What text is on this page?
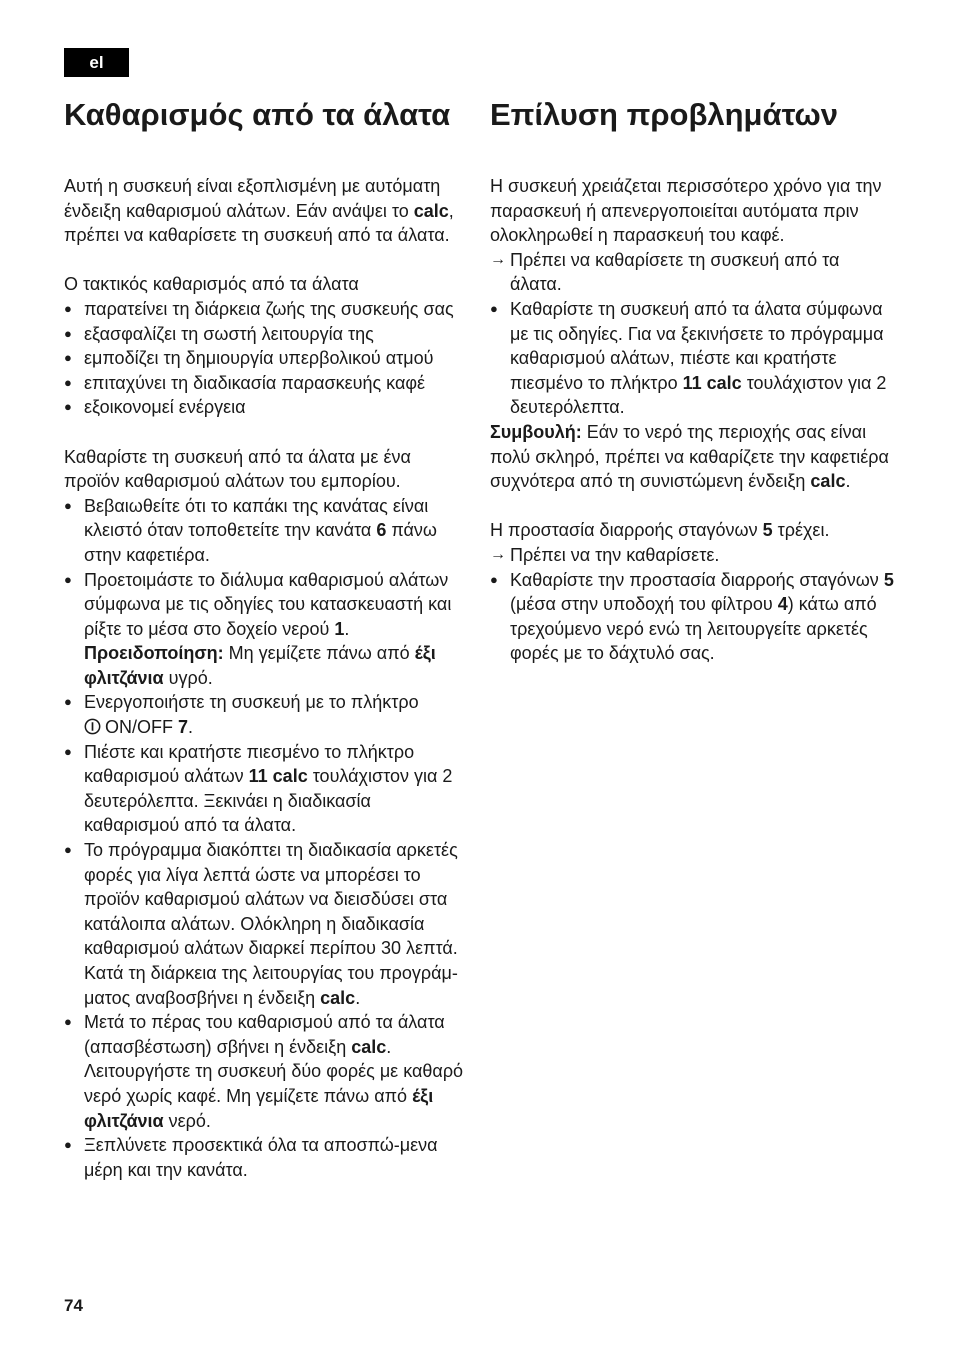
el
Καθαρισμός από τα άλατα

Αυτή η συσκευή είναι εξοπλισμένη με αυτόματη ένδειξη καθαρισμού αλάτων. Εάν ανάψει το calc, πρέπει να καθαρίσετε τη συσκευή από τα άλατα.

Ο τακτικός καθαρισμός από τα άλατα

● παρατείνει τη διάρκεια ζωής της συσκευής σας
● εξασφαλίζει τη σωστή λειτουργία της
● εμποδίζει τη δημιουργία υπερβολικού ατμού
● επιταχύνει τη διαδικασία παρασκευής καφέ
● εξοικονομεί ενέργεια

Καθαρίστε τη συσκευή από τα άλατα με ένα προϊόν καθαρισμού αλάτων του εμπορίου.

● Βεβαιωθείτε ότι το καπάκι της κανάτας είναι κλειστό όταν τοποθετείτε την κανάτα 6 πάνω στην καφετιέρα.
● Προετοιμάστε το διάλυμα καθαρισμού αλάτων σύμφωνα με τις οδηγίες του κατασκευαστή και ρίξτε το μέσα στο δοχείο νερού 1.
Προειδοποίηση: Μη γεμίζετε πάνω από έξι φλιτζάνια υγρό.
● Ενεργοποιήστε τη συσκευή με το πλήκτρο
ON/OFF 7.
● Πιέστε και κρατήστε πιεσμένο το πλήκτρο καθαρισμού αλάτων 11 calc τουλάχιστον για 2 δευτερόλεπτα. Ξεκινάει η διαδικασία καθαρισμού από τα άλατα.
● Το πρόγραμμα διακόπτει τη διαδικασία αρκετές φορές για λίγα λεπτά ώστε να μπορέσει το προϊόν καθαρισμού αλάτων να διεισδύσει στα κατάλοιπα αλάτων. Ολόκληρη η διαδικασία καθαρισμού αλάτων διαρκεί περίπου 30 λεπτά. Κατά τη διάρκεια της λειτουργίας του προγράμ-ματος αναβοσβήνει η ένδειξη calc.
● Μετά το πέρας του καθαρισμού από τα άλατα (απασβέστωση) σβήνει η ένδειξη calc. Λειτουργήστε τη συσκευή δύο φορές με καθαρό νερό χωρίς καφέ. Μη γεμίζετε πάνω από έξι φλιτζάνια νερό.
● Ξεπλύνετε προσεκτικά όλα τα αποσπώ-μενα μέρη και την κανάτα.
Επίλυση προβλημάτων

Η συσκευή χρειάζεται περισσότερο χρόνο για την παρασκευή ή απενεργοποιείται αυτόματα πριν ολοκληρωθεί η παρασκευή του καφέ.

→ Πρέπει να καθαρίσετε τη συσκευή από τα άλατα.
● Καθαρίστε τη συσκευή από τα άλατα σύμφωνα με τις οδηγίες. Για να ξεκινήσετε το πρόγραμμα καθαρισμού αλάτων, πιέστε και κρατήστε πιεσμένο το πλήκτρο 11 calc τουλάχιστον για 2 δευτερόλεπτα.

Συμβουλή: Εάν το νερό της περιοχής σας είναι πολύ σκληρό, πρέπει να καθαρίζετε την καφετιέρα συχνότερα από τη συνιστώμενη ένδειξη calc.

Η προστασία διαρροής σταγόνων 5 τρέχει.

→ Πρέπει να την καθαρίσετε.
● Καθαρίστε την προστασία διαρροής σταγόνων 5 (μέσα στην υποδοχή του φίλτρου 4) κάτω από τρεχούμενο νερό ενώ τη λειτουργείτε αρκετές φορές με το δάχτυλό σας.
74
